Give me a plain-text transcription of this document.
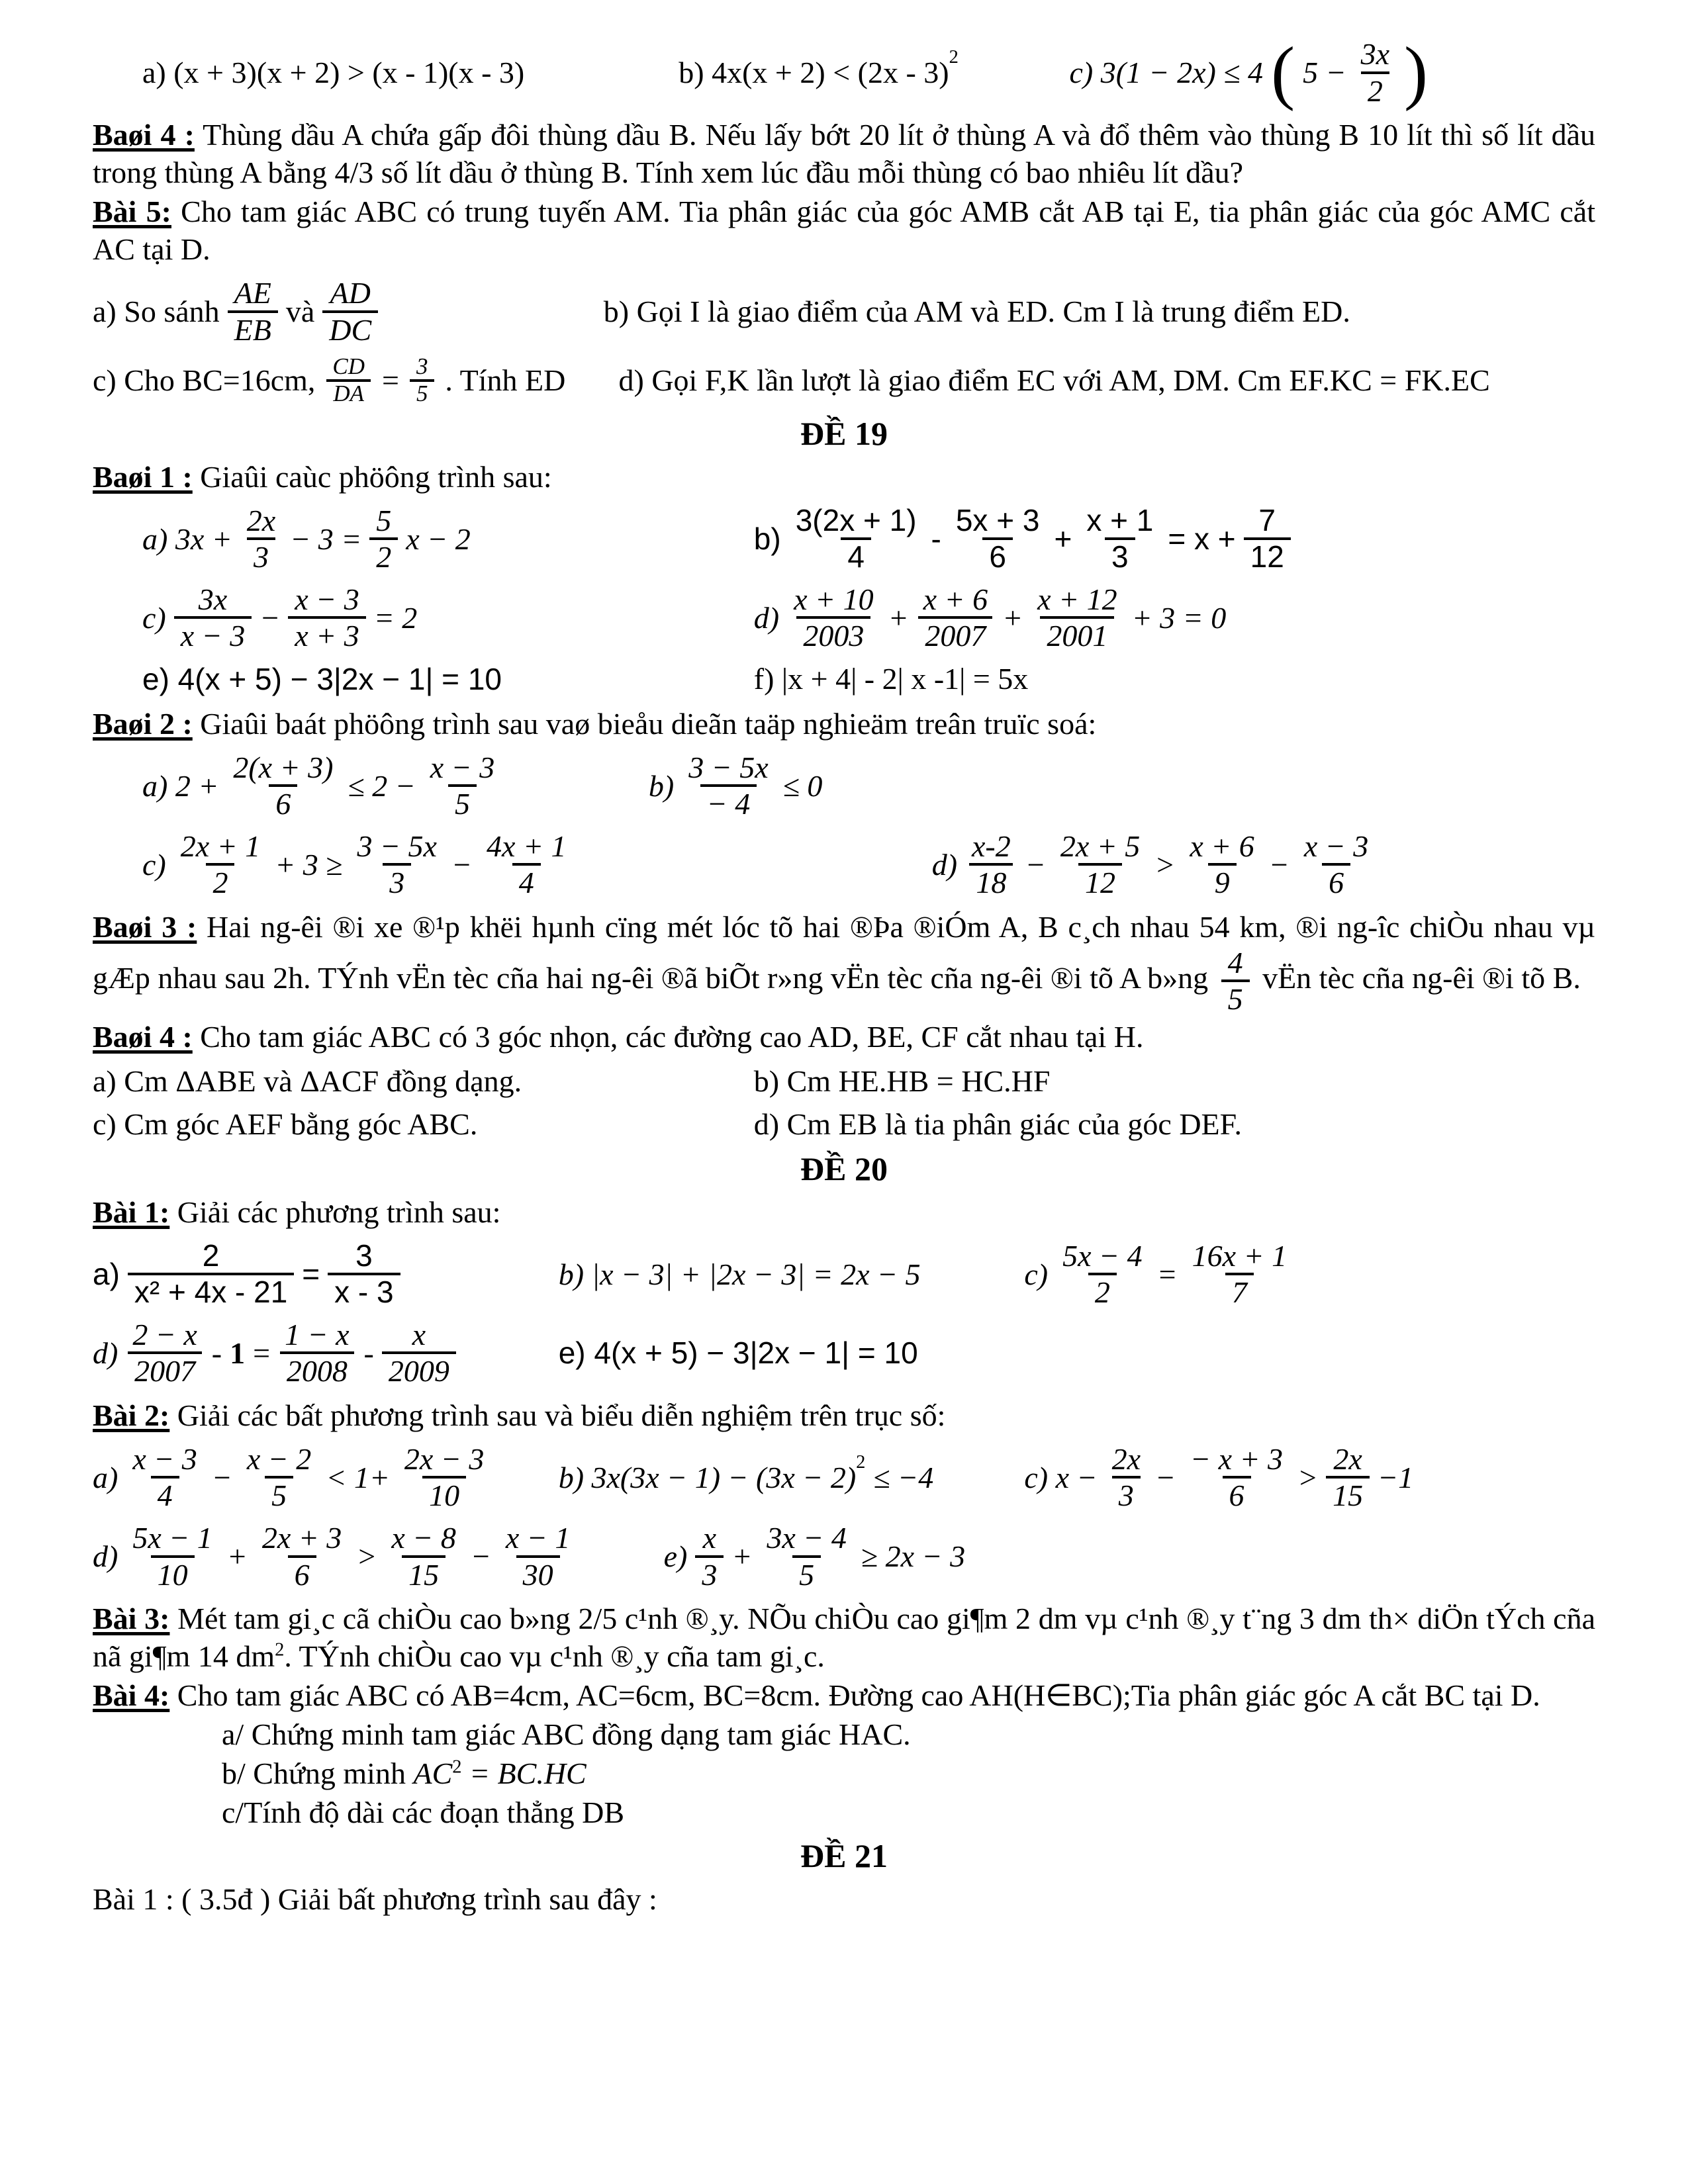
a) (x + 3)(x + 2) > (x - 1)(x - 3)	b) 4x(x + 2) < (2x - 3) 2	c) 3(1 − 2x) ≤ 4 ( $5 - \frac{3x}{2}$ )

Baøi 4 : Thùng dầu A chứa gấp đôi thùng dầu B. Nếu lấy bớt 20 lít ở thùng A và đổ thêm vào thùng B 10 lít thì số lít dầu trong thùng A bằng 4/3 số lít dầu ở thùng B. Tính xem lúc đầu mỗi thùng có bao nhiêu lít dầu?

Bài 5: Cho tam giác ABC có trung tuyến AM. Tia phân giác của góc AMB cắt AB tại E, tia phân giác của góc AMC cắt AC tại D.

a) So sánh $\frac{AE}{EB}$ và $\frac{AD}{DC}$	b) Gọi I là giao điểm của AM và ED. Cm I là trung điểm ED.
c) Cho BC=16cm, $\frac{CD}{DA} = \frac{3}{5}$ . Tính ED d) Gọi F,K lần lượt là giao điểm EC với AM, DM. Cm EF.KC = FK.EC
ĐỀ 19

Baøi 1 : Giaûi caùc phöông trình sau:

a) $3x + \frac{2x}{3} - 3 = \frac{5}{2}$ x − 2	$b) \frac{3(2x + 1)}{4} - \frac{5x + 3}{6} + \frac{x + 1}{3} = x + \frac{7}{12}$
$c) \frac{3x}{x - 3} - \frac{x - 3}{x + 3} = 2$	$d) \frac{x + 10}{2003} + \frac{x + 6}{2007} + \frac{x + 12}{2001} + 3 = 0$
e) 4(x + 5) − 3|2x − 1| = 10	f) |x + 4| - 2| x -1| = 5x

Baøi 2 : Giaûi baát phöông trình sau vaø bieåu dieãn taäp nghieäm treân truïc soá:

a) $2 + \frac{2(x + 3)}{6} \le 2 - \frac{x - 3}{5}$	$b) \frac{3 - 5x}{- 4} \le 0$
$c) \frac{2x + 1}{2} + 3 \ge \frac{3 - 5x}{3} - \frac{4x + 1}{4}$	$d) \frac{x-2}{18} - \frac{2x + 5}{12} > \frac{x + 6}{9} - \frac{x - 3}{6}$

Baøi 3 : Hai ng-êi ®i xe ®¹p khëi hµnh cïng mét lóc tõ hai ®Þa ®iÓm A, B c¸ch nhau 54 km, ®i ng-îc chiÒu nhau vµ gÆp nhau sau 2h. TÝnh vËn tèc cña hai ng-êi ®ã biÕt r»ng vËn tèc cña ng-êi ®i tõ A b»ng $\frac{4}{5}$ vËn tèc cña ng-êi ®i tõ B.

Baøi 4 : Cho tam giác ABC có 3 góc nhọn, các đường cao AD, BE, CF cắt nhau tại H.

a) Cm ΔABE và ΔACF đồng dạng.	b) Cm HE.HB = HC.HF
c) Cm góc AEF bằng góc ABC.	d) Cm EB là tia phân giác của góc DEF.
ĐỀ 20

Bài 1: Giải các phương trình sau:

$a) \frac{2}{\text{x² + 4x - 21}} = \frac{3}{x - 3}$	b) |x − 3| + |2x − 3| = 2x − 5	$c) \frac{5x - 4}{2} = \frac{16x + 1}{7}$
$d) \frac{2 - x}{2007} - 1 = \frac{1 - x}{2008} - \frac{x}{2009}$	e) 4(x + 5) − 3|2x − 1| = 10

Bài 2: Giải các bất phương trình sau và biểu diễn nghiệm trên trục số:

$a) \frac{x - 3}{4} - \frac{x - 2}{5} < 1+ \frac{2x - 3}{10} b$) 3x(3x − 1) − (3x − 2) 2 ≤ −4	c) $x - \frac{2x}{3} - \frac{- x + 3}{6} > \frac{2x}{15} -1$
$d) \frac{5x - 1}{10} + \frac{2x + 3}{6} > \frac{x - 8}{15} - \frac{x - 1}{30}$	$e) \frac{x}{3} + \frac{3x - 4}{5} \ge 2x - 3$

Bài 3: Mét tam gi¸c cã chiÒu cao b»ng 2/5 c¹nh ®¸y. NÕu chiÒu cao gi¶m 2 dm vµ c¹nh ®¸y t¨ng 3 dm th× diÖn tÝch cña nã gi¶m 14 $dm^2$. TÝnh chiÒu cao vµ c¹nh ®¸y cña tam gi¸c.

Bài 4: Cho tam giác ABC có AB=4cm, AC=6cm, BC=8cm. Đường cao AH(H∈BC);Tia phân giác góc A cắt BC tại D.

a/ Chứng minh tam giác ABC đồng dạng tam giác HAC.

b/ Chứng minh $AC^2 = BC.HC$

c/Tính độ dài các đoạn thẳng DB

ĐỀ 21

Bài 1 : ( 3.5đ ) Giải bất phương trình sau đây :
